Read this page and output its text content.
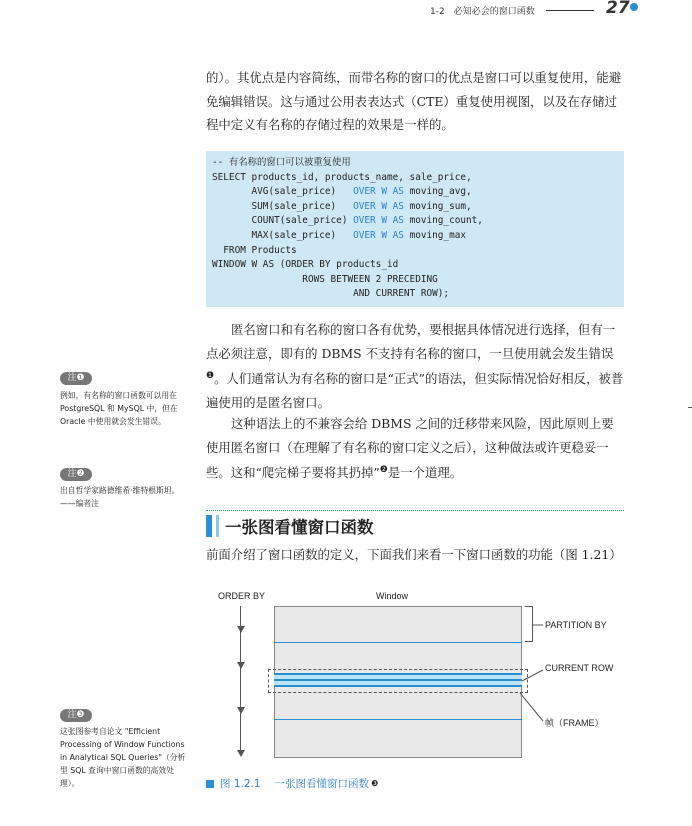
1-2　必知必会的窗口函数	27
的）。其优点是内容简练，而带名称的窗口的优点是窗口可以重复使用，能避免编辑错误。这与通过公用表表达式（CTE）重复使用视图，以及在存储过程中定义有名称的存储过程的效果是一样的。
-- 有名称的窗口可以被重复使用
SELECT products_id, products_name, sale_price,
AVG(sale_price)   OVER W AS moving_avg,
SUM(sale_price)   OVER W AS moving_sum,
COUNT(sale_price) OVER W AS moving_count,
MAX(sale_price)   OVER W AS moving_max
FROM Products
WINDOW W AS (ORDER BY products_id
ROWS BETWEEN 2 PRECEDING
AND CURRENT ROW);
匿名窗口和有名称的窗口各有优势，要根据具体情况进行选择，但有一点必须注意，即有的 DBMS 不支持有名称的窗口，一旦使用就会发生错误$^❶$。人们通常认为有名称的窗口是“正式”的语法，但实际情况恰好相反，被普遍使用的是匿名窗口。
这种语法上的不兼容会给 DBMS 之间的迁移带来风险，因此原则上要使用匿名窗口（在理解了有名称的窗口定义之后），这种做法或许更稳妥一些。这和“爬完梯子要将其扔掉”$^❷$是一个道理。
注❶
例如，有名称的窗口函数可以用在 PostgreSQL 和 MySQL 中，但在 Oracle 中使用就会发生错误。
注❷
出自哲学家路德维希·维特根斯坦。——编者注
注❸
这张图参考自论文 "Efficient Processing of Window Functions in Analytical SQL Queries"（分析型 SQL 查询中窗口函数的高效处理）。
一张图看懂窗口函数
前面介绍了窗口函数的定义，下面我们来看一下窗口函数的功能（图 1.21）
ORDER BY	Window
PARTITION BY
CURRENT ROW
帧（FRAME）
图 1.2.1 一张图看懂窗口函数 ❸
